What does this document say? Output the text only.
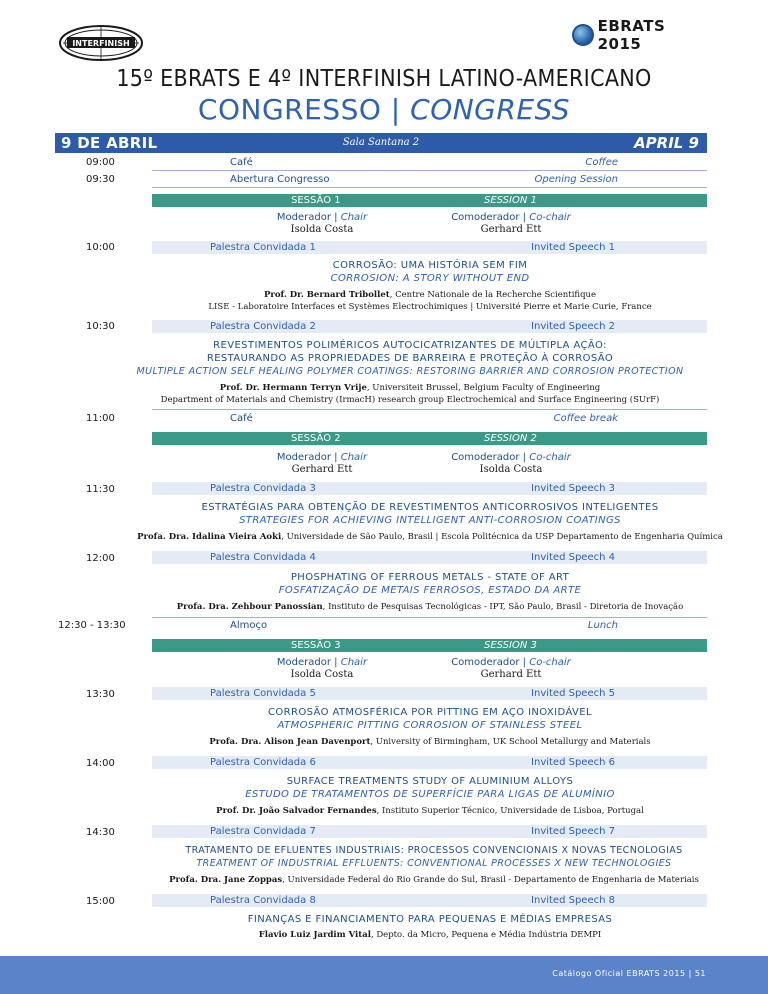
INTERFINISH
EBRATS 2015
15º EBRATS E 4º INTERFINISH LATINO-AMERICANO
CONGRESSO | CONGRESS
9 DE ABRIL	Sala Santana 2	APRIL 9
09:00	Café	Coffee
09:30	Abertura Congresso	Opening Session
SESSÃO 1	SESSION 1
Moderador | Chair
Isolda Costa
Comoderador | Co-chair
Gerhard Ett
10:00	Palestra Convidada 1	Invited Speech 1
CORROSÃO: UMA HISTÓRIA SEM FIM
CORROSION: A STORY WITHOUT END
Prof. Dr. Bernard Tribollet, Centre Nationale de la Recherche Scientifique
LISE - Laboratoire Interfaces et Systèmes Electrochimiques | Université Pierre et Marie Curie, France
10:30	Palestra Convidada 2	Invited Speech 2
REVESTIMENTOS POLIMÉRICOS AUTOCICATRIZANTES DE MÚLTIPLA AÇÃO:
RESTAURANDO AS PROPRIEDADES DE BARREIRA E PROTEÇÃO À CORROSÃO
MULTIPLE ACTION SELF HEALING POLYMER COATINGS: RESTORING BARRIER AND CORROSION PROTECTION
Prof. Dr. Hermann Terryn Vrije, Universiteit Brussel, Belgium Faculty of Engineering
Department of Materials and Chemistry (IrmacH) research group Electrochemical and Surface Engineering (SUrF)
11:00	Café	Coffee break
SESSÃO 2	SESSION 2
Moderador | Chair
Gerhard Ett
Comoderador | Co-chair
Isolda Costa
11:30	Palestra Convidada 3	Invited Speech 3
ESTRATÉGIAS PARA OBTENÇÃO DE REVESTIMENTOS ANTICORROSIVOS INTELIGENTES
STRATEGIES FOR ACHIEVING INTELLIGENT ANTI-CORROSION COATINGS
Profa. Dra. Idalina Vieira Aoki, Universidade de São Paulo, Brasil | Escola Politécnica da USP Departamento de Engenharia Química
12:00	Palestra Convidada 4	Invited Speech 4
PHOSPHATING OF FERROUS METALS - STATE OF ART
FOSFATIZAÇÃO DE METAIS FERROSOS, ESTADO DA ARTE
Profa. Dra. Zehbour Panossian, Instituto de Pesquisas Tecnológicas - IPT, São Paulo, Brasil - Diretoria de Inovação
12:30 - 13:30	Almoço	Lunch
SESSÃO 3	SESSION 3
Moderador | Chair
Isolda Costa
Comoderador | Co-chair
Gerhard Ett
13:30	Palestra Convidada 5	Invited Speech 5
CORROSÃO ATMOSFÉRICA POR PITTING EM AÇO INOXIDÁVEL
ATMOSPHERIC PITTING CORROSION OF STAINLESS STEEL
Profa. Dra. Alison Jean Davenport, University of Birmingham, UK School Metallurgy and Materials
14:00	Palestra Convidada 6	Invited Speech 6
SURFACE TREATMENTS STUDY OF ALUMINIUM ALLOYS
ESTUDO DE TRATAMENTOS DE SUPERFÍCIE PARA LIGAS DE ALUMÍNIO
Prof. Dr. João Salvador Fernandes, Instituto Superior Técnico, Universidade de Lisboa, Portugal
14:30	Palestra Convidada 7	Invited Speech 7
TRATAMENTO DE EFLUENTES INDUSTRIAIS: PROCESSOS CONVENCIONAIS X NOVAS TECNOLOGIAS
TREATMENT OF INDUSTRIAL EFFLUENTS: CONVENTIONAL PROCESSES X NEW TECHNOLOGIES
Profa. Dra. Jane Zoppas, Universidade Federal do Rio Grande do Sul, Brasil - Departamento de Engenharia de Materiais
15:00	Palestra Convidada 8	Invited Speech 8
FINANÇAS E FINANCIAMENTO PARA PEQUENAS E MÉDIAS EMPRESAS
Flavio Luiz Jardim Vital, Depto. da Micro, Pequena e Média Indústria DEMPI
Catálogo Oficial EBRATS 2015 | 51
